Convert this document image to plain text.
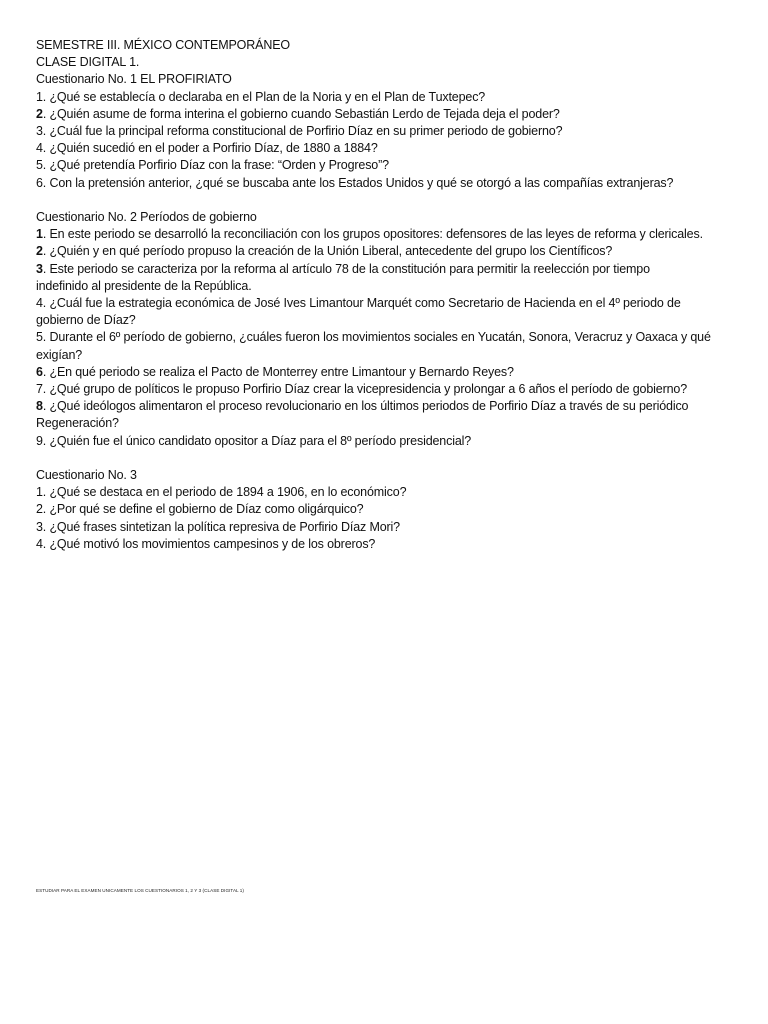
SEMESTRE III. MÉXICO CONTEMPORÁNEO
CLASE DIGITAL 1.
Cuestionario No. 1 EL PROFIRIATO
1. ¿Qué se establecía o declaraba en el Plan de la Noria y en el Plan de Tuxtepec?
2. ¿Quién asume de forma interina el gobierno cuando Sebastián Lerdo de Tejada deja el poder?
3. ¿Cuál fue la principal reforma constitucional de Porfirio Díaz en su primer periodo de gobierno?
4. ¿Quién sucedió en el poder a Porfirio Díaz, de 1880 a 1884?
5. ¿Qué pretendía Porfirio Díaz con la frase: “Orden y Progreso”?
6. Con la pretensión anterior, ¿qué se buscaba ante los Estados Unidos y qué se otorgó a las compañías extranjeras?
Cuestionario No. 2 Períodos de gobierno
1. En este periodo se desarrolló la reconciliación con los grupos opositores: defensores de las leyes de reforma y clericales.
2. ¿Quién y en qué período propuso la creación de la Unión Liberal, antecedente del grupo los Científicos?
3. Este periodo se caracteriza por la reforma al artículo 78 de la constitución para permitir la reelección por tiempo
indefinido al presidente de la República.
4. ¿Cuál fue la estrategia económica de José Ives Limantour Marquét como Secretario de Hacienda en el 4º periodo de
gobierno de Díaz?
5. Durante el 6º período de gobierno, ¿cuáles fueron los movimientos sociales en Yucatán, Sonora, Veracruz y Oaxaca y qué
exigían?
6. ¿En qué periodo se realiza el Pacto de Monterrey entre Limantour y Bernardo Reyes?
7. ¿Qué grupo de políticos le propuso Porfirio Díaz crear la vicepresidencia y prolongar a 6 años el período de gobierno?
8. ¿Qué ideólogos alimentaron el proceso revolucionario en los últimos periodos de Porfirio Díaz a través de su periódico
Regeneración?
9. ¿Quién fue el único candidato opositor a Díaz para el 8º período presidencial?
Cuestionario No. 3
1. ¿Qué se destaca en el periodo de 1894 a 1906, en lo económico?
2. ¿Por qué se define el gobierno de Díaz como oligárquico?
3. ¿Qué frases sintetizan la política represiva de Porfirio Díaz Mori?
4. ¿Qué motivó los movimientos campesinos y de los obreros?
ESTUDIAR PARA EL EXAMEN UNICAMENTE LOS CUESTIONARIOS 1, 2 Y 3 (CLASE DIGITAL 1)
